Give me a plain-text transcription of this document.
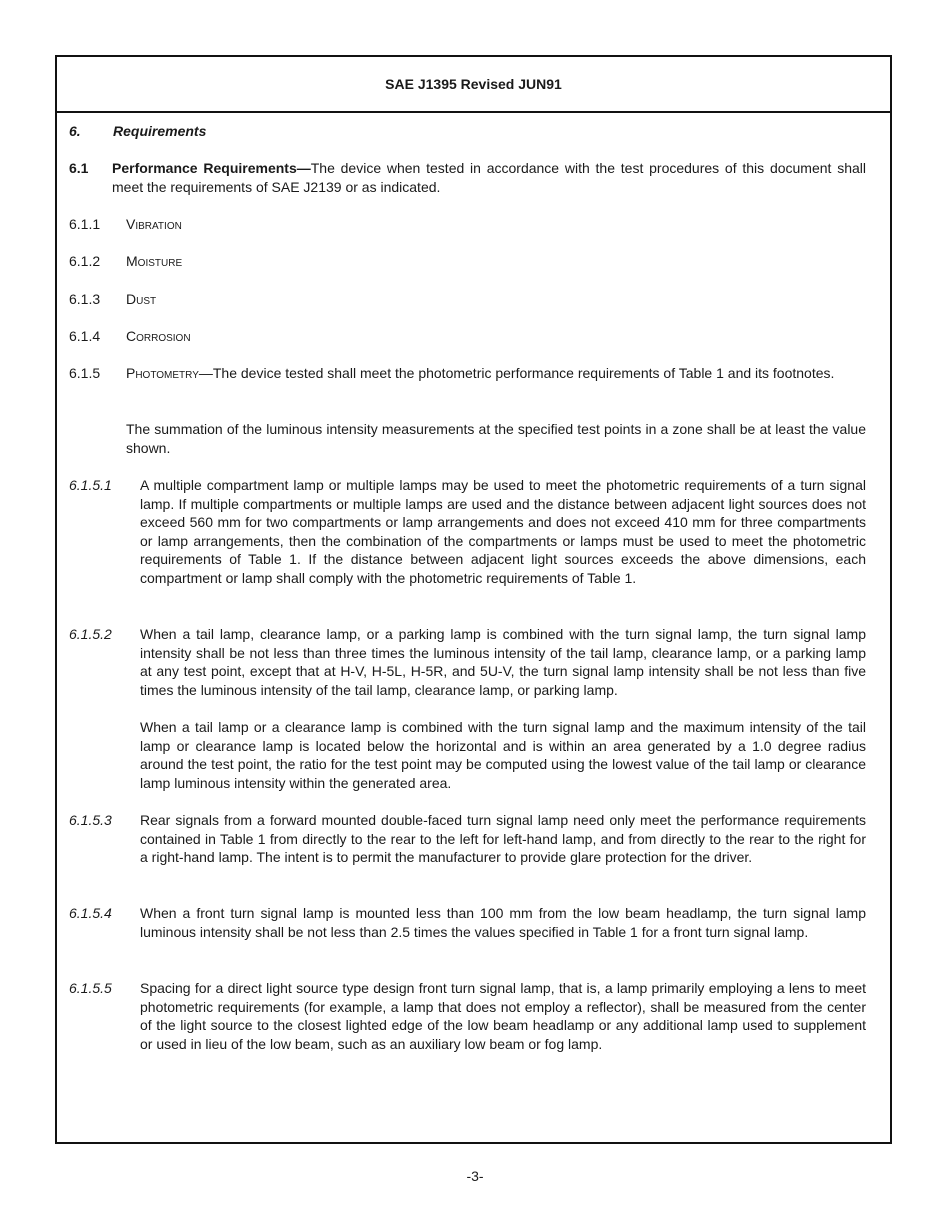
SAE J1395 Revised JUN91
6. Requirements
6.1 Performance Requirements—The device when tested in accordance with the test procedures of this document shall meet the requirements of SAE J2139 or as indicated.

6.1.1 Vibration
6.1.2 Moisture
6.1.3 Dust
6.1.4 Corrosion
6.1.5 Photometry—The device tested shall meet the photometric performance requirements of Table 1 and its footnotes.

The summation of the luminous intensity measurements at the specified test points in a zone shall be at least the value shown.

6.1.5.1 A multiple compartment lamp or multiple lamps may be used to meet the photometric requirements of a turn signal lamp. If multiple compartments or multiple lamps are used and the distance between adjacent light sources does not exceed 560 mm for two compartments or lamp arrangements and does not exceed 410 mm for three compartments or lamp arrangements, then the combination of the compartments or lamps must be used to meet the photometric requirements of Table 1. If the distance between adjacent light sources exceeds the above dimensions, each compartment or lamp shall comply with the photometric requirements of Table 1.

6.1.5.2 When a tail lamp, clearance lamp, or a parking lamp is combined with the turn signal lamp, the turn signal lamp intensity shall be not less than three times the luminous intensity of the tail lamp, clearance lamp, or a parking lamp at any test point, except that at H-V, H-5L, H-5R, and 5U-V, the turn signal lamp intensity shall be not less than five times the luminous intensity of the tail lamp, clearance lamp, or parking lamp.

When a tail lamp or a clearance lamp is combined with the turn signal lamp and the maximum intensity of the tail lamp or clearance lamp is located below the horizontal and is within an area generated by a 1.0 degree radius around the test point, the ratio for the test point may be computed using the lowest value of the tail lamp or clearance lamp luminous intensity within the generated area.

6.1.5.3 Rear signals from a forward mounted double-faced turn signal lamp need only meet the performance requirements contained in Table 1 from directly to the rear to the left for left-hand lamp, and from directly to the rear to the right for a right-hand lamp. The intent is to permit the manufacturer to provide glare protection for the driver.

6.1.5.4 When a front turn signal lamp is mounted less than 100 mm from the low beam headlamp, the turn signal lamp luminous intensity shall be not less than 2.5 times the values specified in Table 1 for a front turn signal lamp.

6.1.5.5 Spacing for a direct light source type design front turn signal lamp, that is, a lamp primarily employing a lens to meet photometric requirements (for example, a lamp that does not employ a reflector), shall be measured from the center of the light source to the closest lighted edge of the low beam headlamp or any additional lamp used to supplement or used in lieu of the low beam, such as an auxiliary low beam or fog lamp.

-3-
